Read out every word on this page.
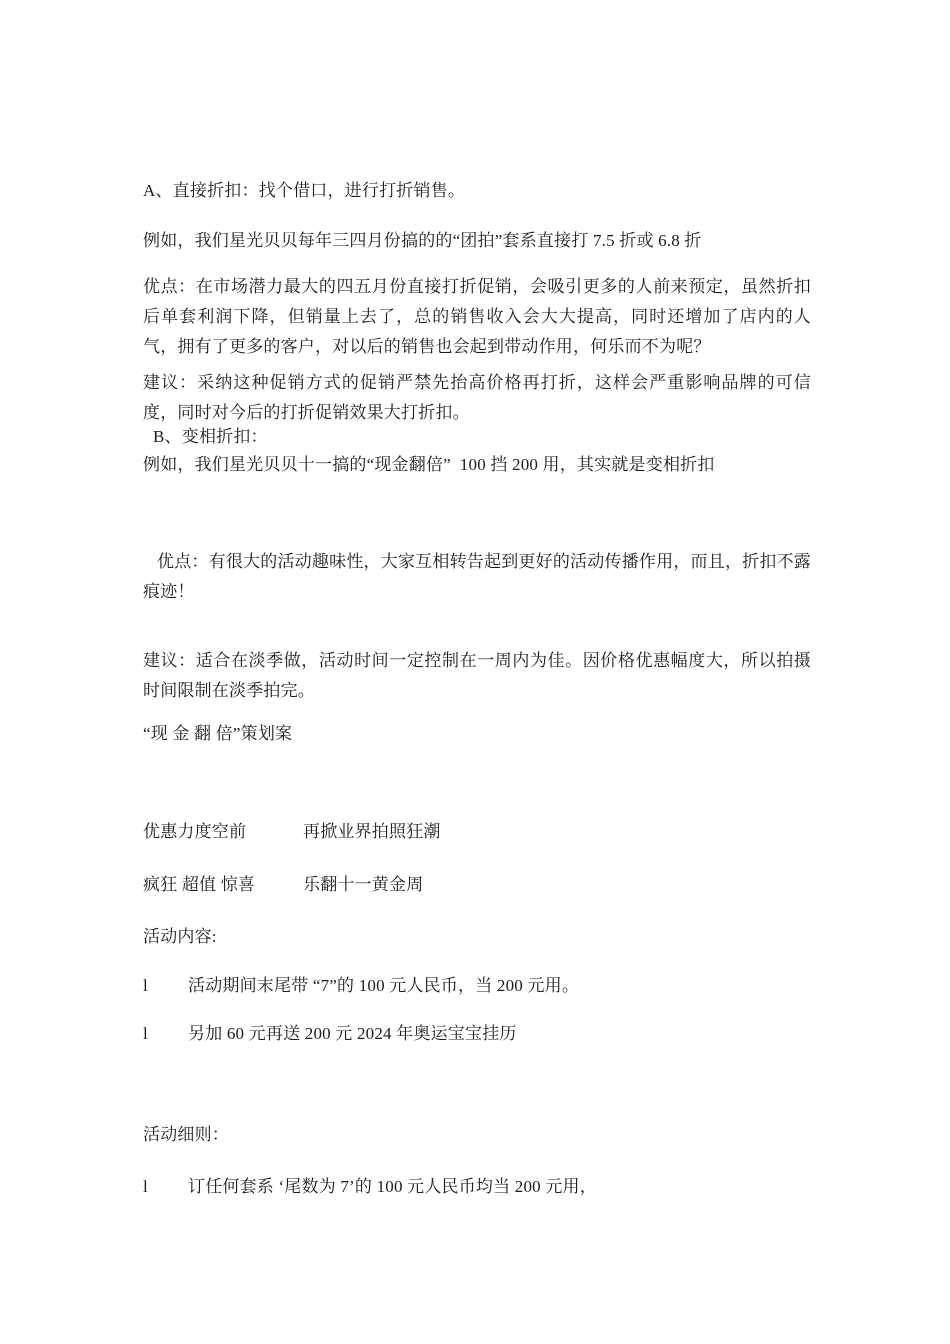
A、直接折扣：找个借口，进行打折销售。

例如，我们星光贝贝每年三四月份搞的的“团拍”套系直接打 7.5 折或 6.8 折

优点：在市场潜力最大的四五月份直接打折促销，会吸引更多的人前来预定，虽然折扣后单套利润下降，但销量上去了，总的销售收入会大大提高，同时还增加了店内的人气，拥有了更多的客户，对以后的销售也会起到带动作用，何乐而不为呢？

建议：采纳这种促销方式的促销严禁先抬高价格再打折，这样会严重影响品牌的可信度，同时对今后的打折促销效果大打折扣。

B、变相折扣：

例如，我们星光贝贝十一搞的“现金翻倍”  100 挡 200 用，其实就是变相折扣

优点：有很大的活动趣味性，大家互相转告起到更好的活动传播作用，而且，折扣不露痕迹！

建议：适合在淡季做，活动时间一定控制在一周内为佳。因价格优惠幅度大，所以拍摄时间限制在淡季拍完。

“现 金 翻 倍”策划案

优惠力度空前	再掀业界拍照狂潮
疯狂 超值 惊喜	乐翻十一黄金周

活动内容:

l	活动期间末尾带 “7”的 100 元人民币，当 200 元用。
l	另加 60 元再送 200 元 2024 年奥运宝宝挂历

活动细则：

l	订任何套系 ‘尾数为 7’的 100 元人民币均当 200 元用，
